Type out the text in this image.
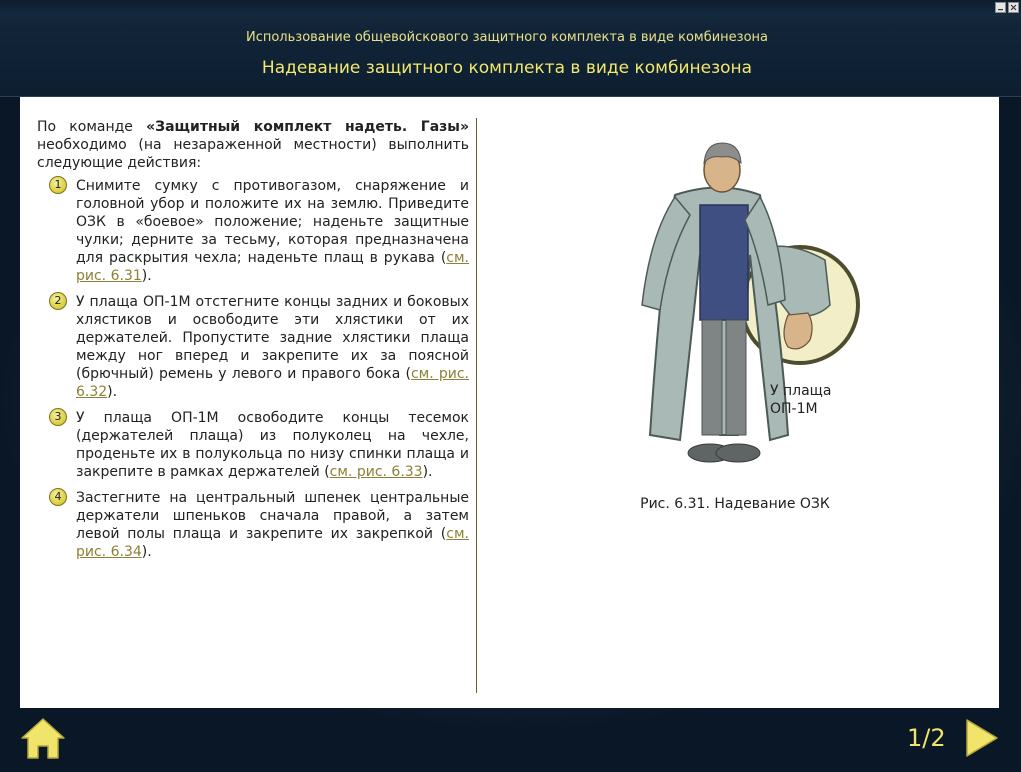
Использование общевойскового защитного комплекта в виде комбинезона
Надевание защитного комплекта в виде комбинезона

По команде «Защитный комплект надеть. Газы» необходимо (на незараженной местности) выполнить следующие действия:

1	Снимите сумку с противогазом, снаряжение и головной убор и положите их на землю. Приведите ОЗК в «боевое» положение; наденьте защитные чулки; дерните за тесьму, которая предназначена для раскрытия чехла; наденьте плащ в рукава (см. рис. 6.31).

2	У плаща ОП-1М отстегните концы задних и боковых хлястиков и освободите эти хлястики от их держателей. Пропустите задние хлястики плаща между ног вперед и закрепите их за поясной (брючный) ремень у левого и правого бока (см. рис. 6.32).

3	У плаща ОП-1М освободите концы тесемок (держателей плаща) из полуколец на чехле, проденьте их в полукольца по низу спинки плаща и закрепите в рамках держателей (см. рис. 6.33).

4	Застегните на центральный шпенек центральные держатели шпеньков сначала правой, а затем левой полы плаща и закрепите их закрепкой (см. рис. 6.34).

У плаща
ОП-1М
Рис. 6.31. Надевание ОЗК
1/2
